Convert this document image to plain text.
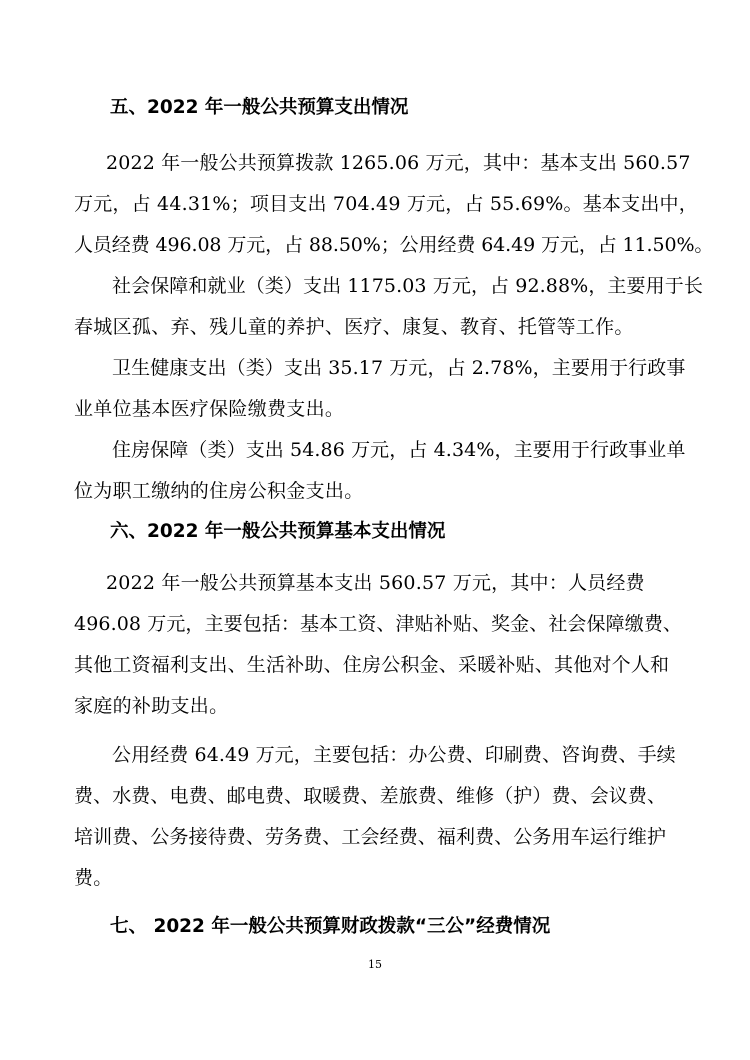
五、2022 年一般公共预算支出情况
2022 年一般公共预算拨款 1265.06 万元，其中：基本支出 560.57
万元，占 44.31%；项目支出 704.49 万元，占 55.69%。基本支出中，
人员经费 496.08 万元，占 88.50%；公用经费 64.49 万元，占 11.50%。
社会保障和就业（类）支出 1175.03 万元，占 92.88%，主要用于长
春城区孤、弃、残儿童的养护、医疗、康复、教育、托管等工作。
卫生健康支出（类）支出 35.17 万元，占 2.78%，主要用于行政事
业单位基本医疗保险缴费支出。
住房保障（类）支出 54.86 万元，占 4.34%，主要用于行政事业单
位为职工缴纳的住房公积金支出。
六、2022 年一般公共预算基本支出情况
2022 年一般公共预算基本支出 560.57 万元，其中：人员经费
496.08 万元，主要包括：基本工资、津贴补贴、奖金、社会保障缴费、
其他工资福利支出、生活补助、住房公积金、采暖补贴、其他对个人和
家庭的补助支出。
公用经费 64.49 万元，主要包括：办公费、印刷费、咨询费、手续
费、水费、电费、邮电费、取暖费、差旅费、维修（护）费、会议费、
培训费、公务接待费、劳务费、工会经费、福利费、公务用车运行维护
费。
七、 2022 年一般公共预算财政拨款“三公”经费情况
15
